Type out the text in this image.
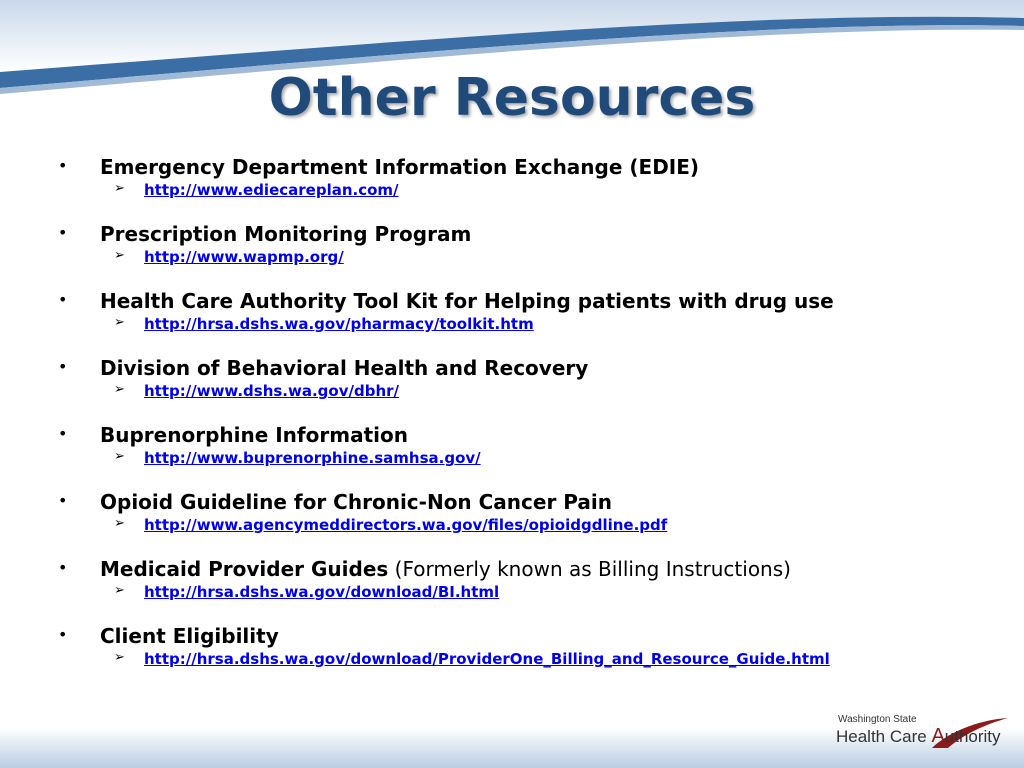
Other Resources
• Emergency Department Information Exchange (EDIE)
➢ http://www.ediecareplan.com/
• Prescription Monitoring Program
➢ http://www.wapmp.org/
• Health Care Authority Tool Kit for Helping patients with drug use
➢ http://hrsa.dshs.wa.gov/pharmacy/toolkit.htm
• Division of Behavioral Health and Recovery
➢ http://www.dshs.wa.gov/dbhr/
• Buprenorphine Information
➢ http://www.buprenorphine.samhsa.gov/
• Opioid Guideline for Chronic-Non Cancer Pain
➢ http://www.agencymeddirectors.wa.gov/files/opioidgdline.pdf
• Medicaid Provider Guides (Formerly known as Billing Instructions)
➢ http://hrsa.dshs.wa.gov/download/BI.html
• Client Eligibility
➢ http://hrsa.dshs.wa.gov/download/ProviderOne_Billing_and_Resource_Guide.html
Washington State
Health Care Authority
